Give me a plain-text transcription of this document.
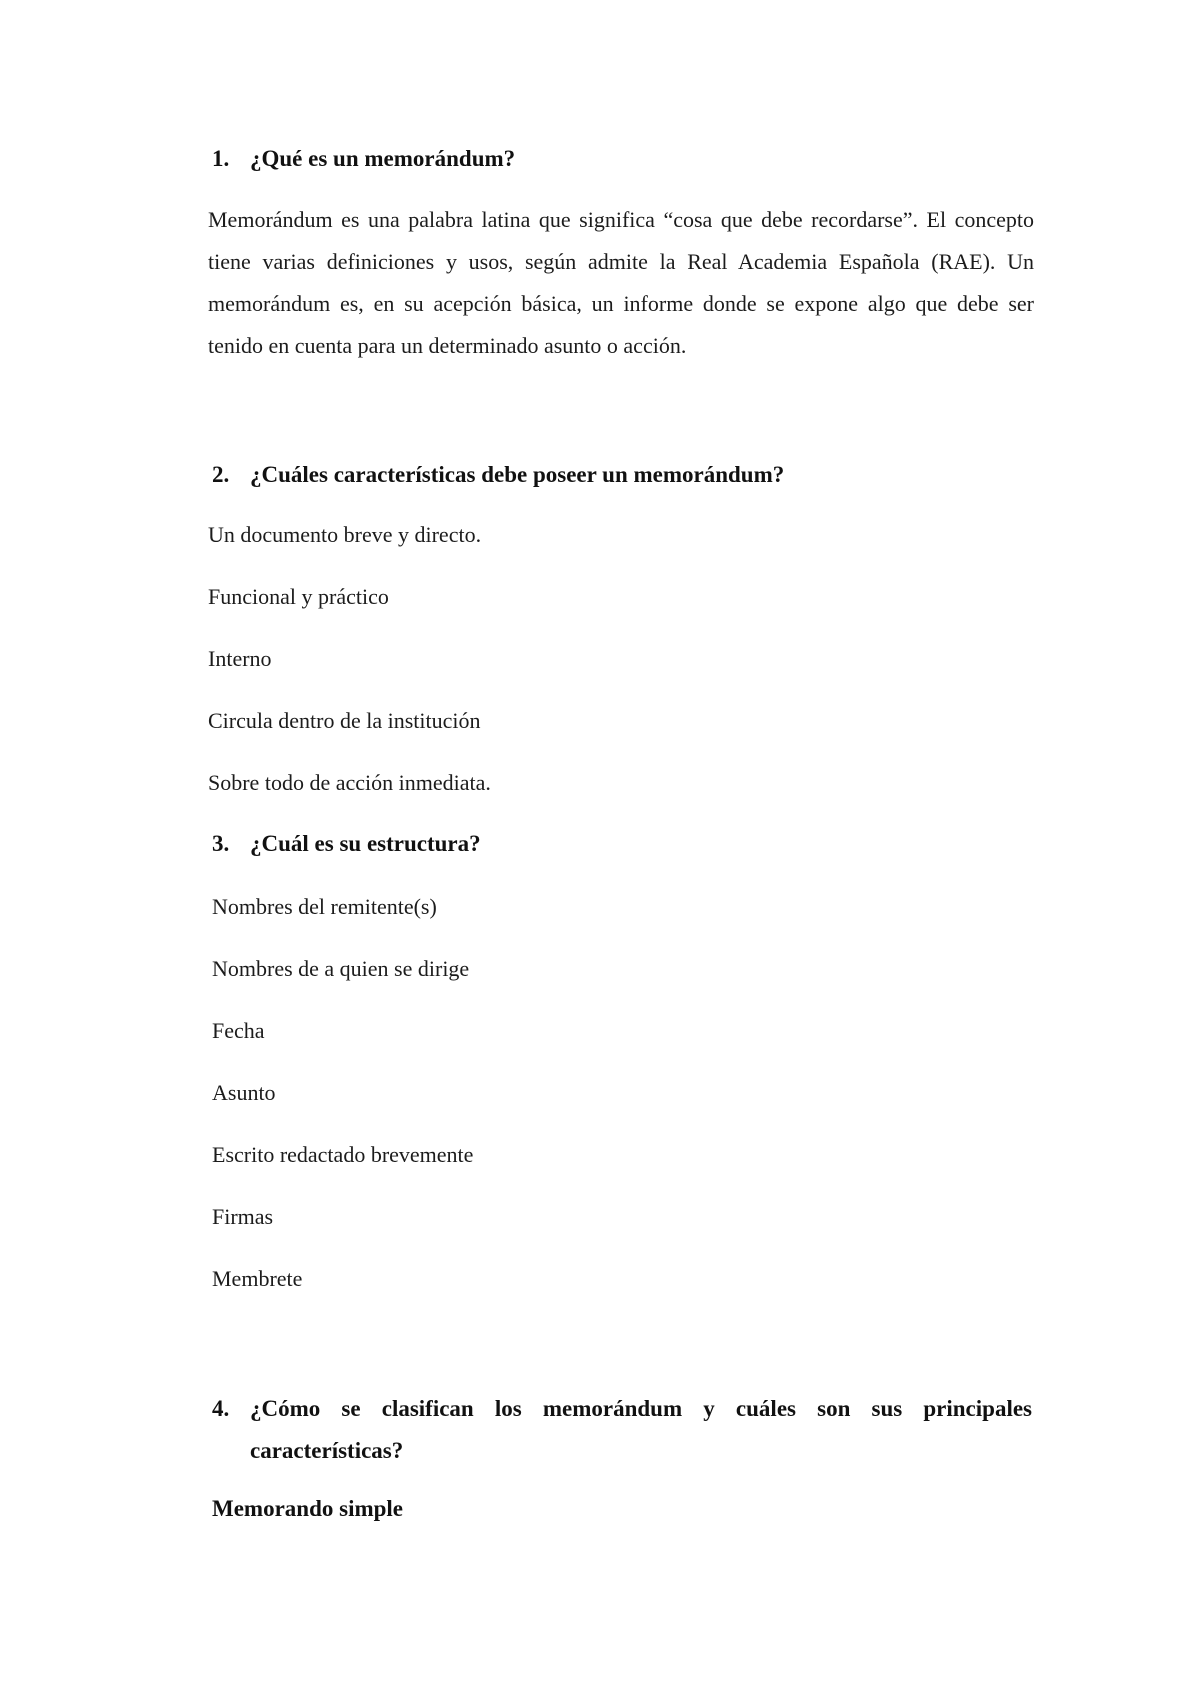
1. ¿Qué es un memorándum?

Memorándum es una palabra latina que significa “cosa que debe recordarse”. El concepto tiene varias definiciones y usos, según admite la Real Academia Española (RAE). Un memorándum es, en su acepción básica, un informe donde se expone algo que debe ser tenido en cuenta para un determinado asunto o acción.

2. ¿Cuáles características debe poseer un memorándum?
Un documento breve y directo.
Funcional y práctico
Interno
Circula dentro de la institución
Sobre todo de acción inmediata.
3. ¿Cuál es su estructura?
Nombres del remitente(s)
Nombres de a quien se dirige
Fecha
Asunto
Escrito redactado brevemente
Firmas
Membrete
4. ¿Cómo se clasifican los memorándum y cuáles son sus principales características?
Memorando simple
